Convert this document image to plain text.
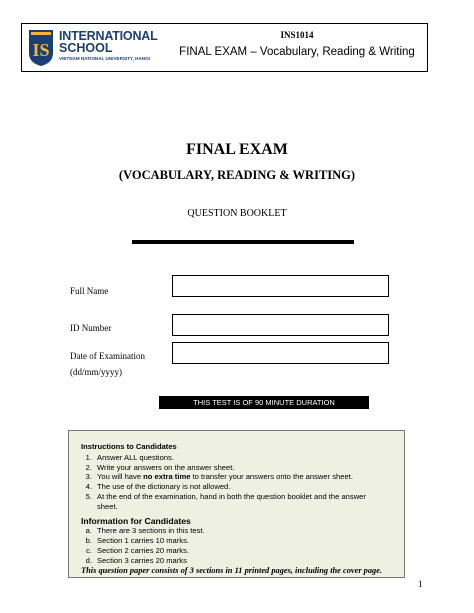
IS
INTERNATIONAL
SCHOOL
VIETNAM NATIONAL UNIVERSITY, HANOI
INS1014
FINAL EXAM – Vocabulary, Reading & Writing
FINAL EXAM
(VOCABULARY, READING & WRITING)
QUESTION BOOKLET
Full Name
ID Number
Date of Examination
(dd/mm/yyyy)
THIS TEST IS OF 90 MINUTE DURATION
Instructions to Candidates
1. Answer ALL questions.
2. Write your answers on the answer sheet.
3. You will have no extra time to transfer your answers onto the answer sheet.
4. The use of the dictionary is not allowed.
5. At the end of the examination, hand in both the question booklet and the answer sheet.
Information for Candidates
a. There are 3 sections in this test.
b. Section 1 carries 10 marks.
c. Section 2 carries 20 marks.
d. Section 3 carries 20 marks
This question paper consists of 3 sections in 11 printed pages, including the cover page.
1
